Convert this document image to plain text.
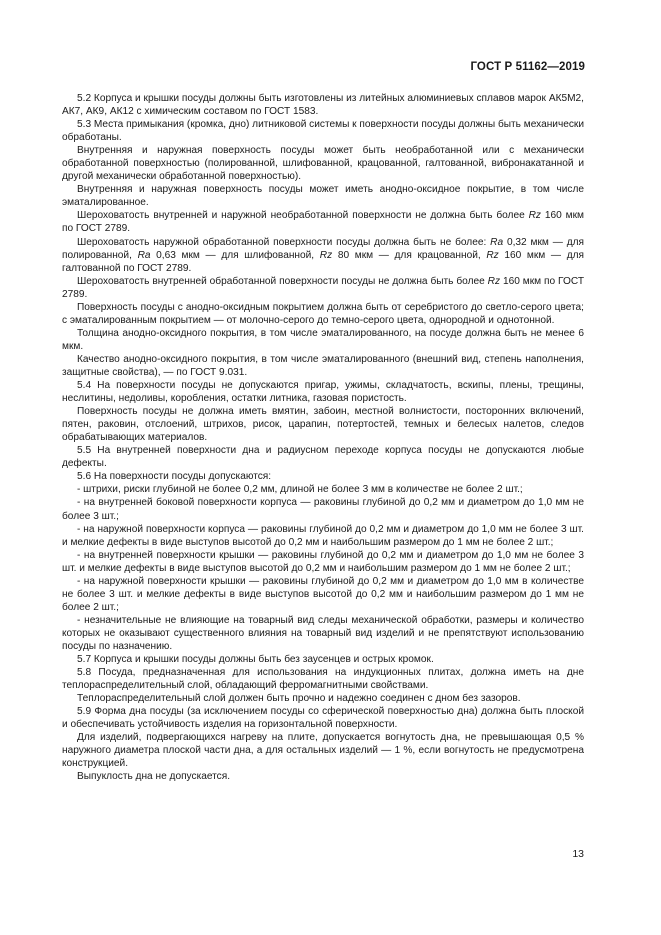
ГОСТ Р 51162—2019

5.2 Корпуса и крышки посуды должны быть изготовлены из литейных алюминиевых сплавов марок АК5М2, АК7, АК9, АК12 с химическим составом по ГОСТ 1583.

5.3 Места примыкания (кромка, дно) литниковой системы к поверхности посуды должны быть механически обработаны.

Внутренняя и наружная поверхность посуды может быть необработанной или с механически обработанной поверхностью (полированной, шлифованной, крацованной, галтованной, вибронакатанной и другой механически обработанной поверхностью).

Внутренняя и наружная поверхность посуды может иметь анодно-оксидное покрытие, в том числе эматалированное.

Шероховатость внутренней и наружной необработанной поверхности не должна быть более Rz 160 мкм по ГОСТ 2789.

Шероховатость наружной обработанной поверхности посуды должна быть не более: Ra 0,32 мкм — для полированной, Ra 0,63 мкм — для шлифованной, Rz 80 мкм — для крацованной, Rz 160 мкм — для галтованной по ГОСТ 2789.

Шероховатость внутренней обработанной поверхности посуды не должна быть более Rz 160 мкм по ГОСТ 2789.

Поверхность посуды с анодно-оксидным покрытием должна быть от серебристого до светло-серого цвета; с эматалированным покрытием — от молочно-серого до темно-серого цвета, однородной и однотонной.

Толщина анодно-оксидного покрытия, в том числе эматалированного, на посуде должна быть не менее 6 мкм.

Качество анодно-оксидного покрытия, в том числе эматалированного (внешний вид, степень наполнения, защитные свойства), — по ГОСТ 9.031.

5.4 На поверхности посуды не допускаются пригар, ужимы, складчатость, вскипы, плены, трещины, неслитины, недоливы, коробления, остатки литника, газовая пористость.

Поверхность посуды не должна иметь вмятин, забоин, местной волнистости, посторонних включений, пятен, раковин, отслоений, штрихов, рисок, царапин, потертостей, темных и белесых налетов, следов обрабатывающих материалов.

5.5 На внутренней поверхности дна и радиусном переходе корпуса посуды не допускаются любые дефекты.

5.6 На поверхности посуды допускаются:

- штрихи, риски глубиной не более 0,2 мм, длиной не более 3 мм в количестве не более 2 шт.;

- на внутренней боковой поверхности корпуса — раковины глубиной до 0,2 мм и диаметром до 1,0 мм не более 3 шт.;

- на наружной поверхности корпуса — раковины глубиной до 0,2 мм и диаметром до 1,0 мм не более 3 шт. и мелкие дефекты в виде выступов высотой до 0,2 мм и наибольшим размером до 1 мм не более 2 шт.;

- на внутренней поверхности крышки — раковины глубиной до 0,2 мм и диаметром до 1,0 мм не более 3 шт. и мелкие дефекты в виде выступов высотой до 0,2 мм и наибольшим размером до 1 мм не более 2 шт.;

- на наружной поверхности крышки — раковины глубиной до 0,2 мм и диаметром до 1,0 мм в количестве не более 3 шт. и мелкие дефекты в виде выступов высотой до 0,2 мм и наибольшим размером до 1 мм не более 2 шт.;

- незначительные не влияющие на товарный вид следы механической обработки, размеры и количество которых не оказывают существенного влияния на товарный вид изделий и не препятствуют использованию посуды по назначению.

5.7 Корпуса и крышки посуды должны быть без заусенцев и острых кромок.

5.8 Посуда, предназначенная для использования на индукционных плитах, должна иметь на дне теплораспределительный слой, обладающий ферромагнитными свойствами.

Теплораспределительный слой должен быть прочно и надежно соединен с дном без зазоров.

5.9 Форма дна посуды (за исключением посуды со сферической поверхностью дна) должна быть плоской и обеспечивать устойчивость изделия на горизонтальной поверхности.

Для изделий, подвергающихся нагреву на плите, допускается вогнутость дна, не превышающая 0,5 % наружного диаметра плоской части дна, а для остальных изделий — 1 %, если вогнутость не предусмотрена конструкцией.

Выпуклость дна не допускается.

13
